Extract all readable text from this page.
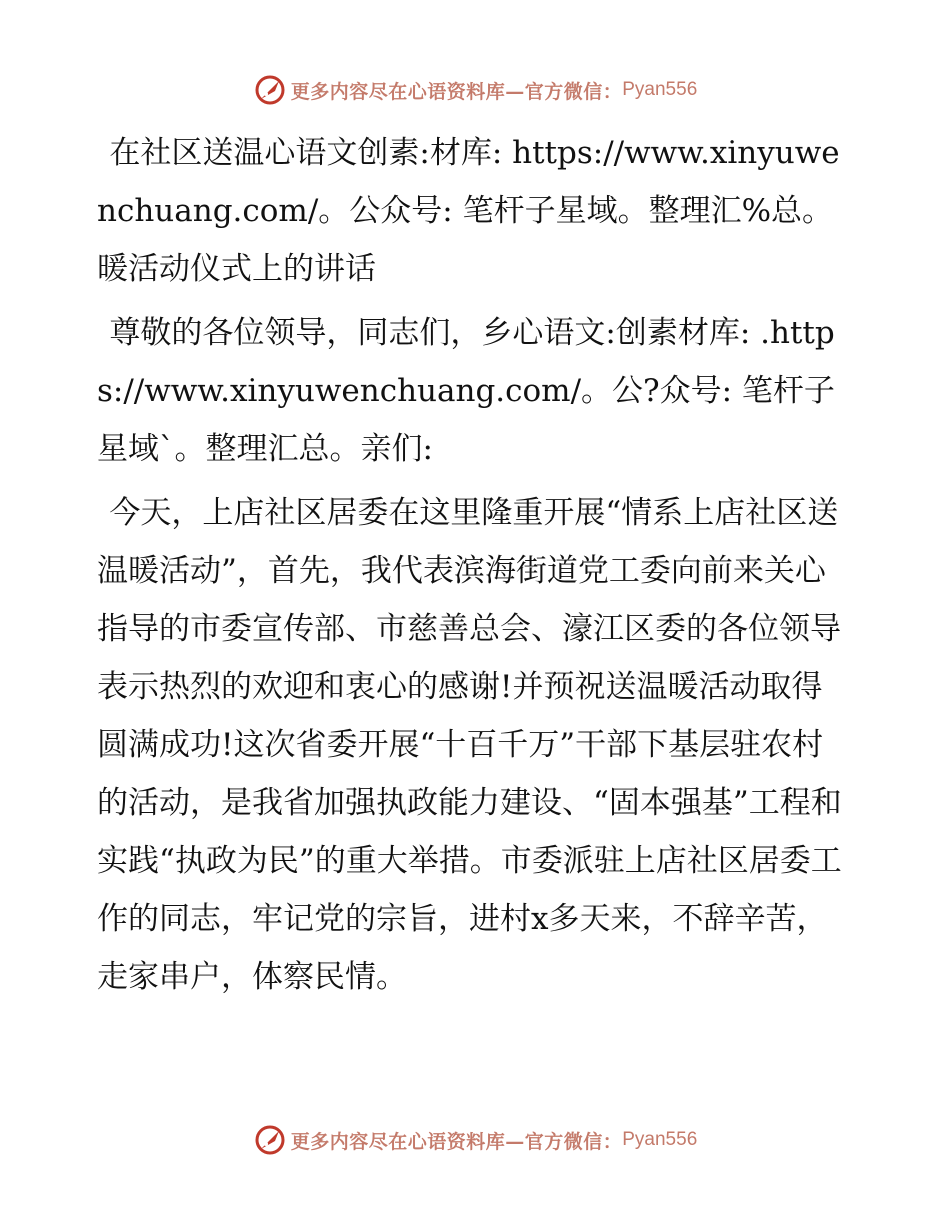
更多内容尽在心语资料库—官方微信： Pyan556

在社区送温心语文创素:材库: https://www.xinyuwenchuang.com/。公众号: 笔杆子星域。整理汇%总。暖活动仪式上的讲话

尊敬的各位领导，同志们，乡心语文:创素材库: .https://www.xinyuwenchuang.com/。公?众号: 笔杆子星域`。整理汇总。亲们:

今天，上店社区居委在这里隆重开展“情系上店社区送温暖活动”，首先，我代表滨海街道党工委向前来关心指导的市委宣传部、市慈善总会、濠江区委的各位领导表示热烈的欢迎和衷心的感谢!并预祝送温暖活动取得圆满成功!这次省委开展“十百千万”干部下基层驻农村的活动，是我省加强执政能力建设、“固本强基”工程和实践“执政为民”的重大举措。市委派驻上店社区居委工作的同志，牢记党的宗旨，进村x多天来，不辞辛苦，走家串户，体察民情。

更多内容尽在心语资料库—官方微信： Pyan556
